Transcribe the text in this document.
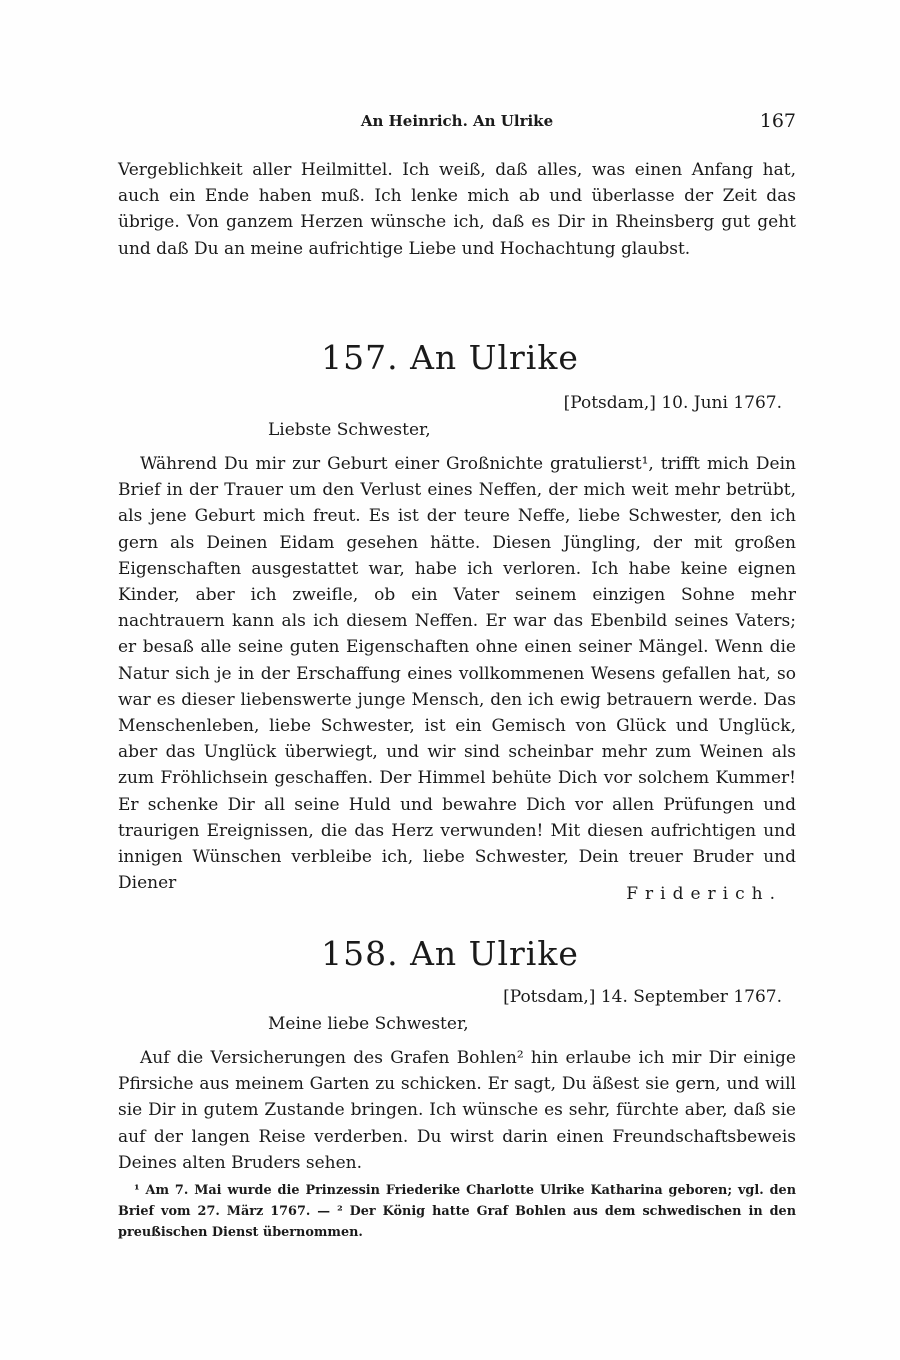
An Heinrich. An Ulrike	167

Vergeblichkeit aller Heilmittel. Ich weiß, daß alles, was einen Anfang hat, auch ein Ende haben muß. Ich lenke mich ab und überlasse der Zeit das übrige. Von ganzem Herzen wünsche ich, daß es Dir in Rheinsberg gut geht und daß Du an meine aufrichtige Liebe und Hochachtung glaubst.

157. An Ulrike
[Potsdam,] 10. Juni 1767.
Liebste Schwester,

Während Du mir zur Geburt einer Großnichte gratulierst¹, trifft mich Dein Brief in der Trauer um den Verlust eines Neffen, der mich weit mehr betrübt, als jene Geburt mich freut. Es ist der teure Neffe, liebe Schwester, den ich gern als Deinen Eidam gesehen hätte. Diesen Jüngling, der mit großen Eigenschaften ausgestattet war, habe ich verloren. Ich habe keine eignen Kinder, aber ich zweifle, ob ein Vater seinem einzigen Sohne mehr nachtrauern kann als ich diesem Neffen. Er war das Ebenbild seines Vaters; er besaß alle seine guten Eigenschaften ohne einen seiner Mängel. Wenn die Natur sich je in der Erschaffung eines vollkommenen Wesens gefallen hat, so war es dieser liebenswerte junge Mensch, den ich ewig betrauern werde. Das Menschenleben, liebe Schwester, ist ein Gemisch von Glück und Unglück, aber das Unglück überwiegt, und wir sind scheinbar mehr zum Weinen als zum Fröhlichsein geschaffen. Der Himmel behüte Dich vor solchem Kummer! Er schenke Dir all seine Huld und bewahre Dich vor allen Prüfungen und traurigen Ereignissen, die das Herz verwunden! Mit diesen aufrichtigen und innigen Wünschen verbleibe ich, liebe Schwester, Dein treuer Bruder und Diener

Friderich.
158. An Ulrike
[Potsdam,] 14. September 1767.
Meine liebe Schwester,

Auf die Versicherungen des Grafen Bohlen² hin erlaube ich mir Dir einige Pfirsiche aus meinem Garten zu schicken. Er sagt, Du äßest sie gern, und will sie Dir in gutem Zustande bringen. Ich wünsche es sehr, fürchte aber, daß sie auf der langen Reise verderben. Du wirst darin einen Freundschaftsbeweis Deines alten Bruders sehen.

¹ Am 7. Mai wurde die Prinzessin Friederike Charlotte Ulrike Katharina geboren; vgl. den Brief vom 27. März 1767. — ² Der König hatte Graf Bohlen aus dem schwedischen in den preußischen Dienst übernommen.
